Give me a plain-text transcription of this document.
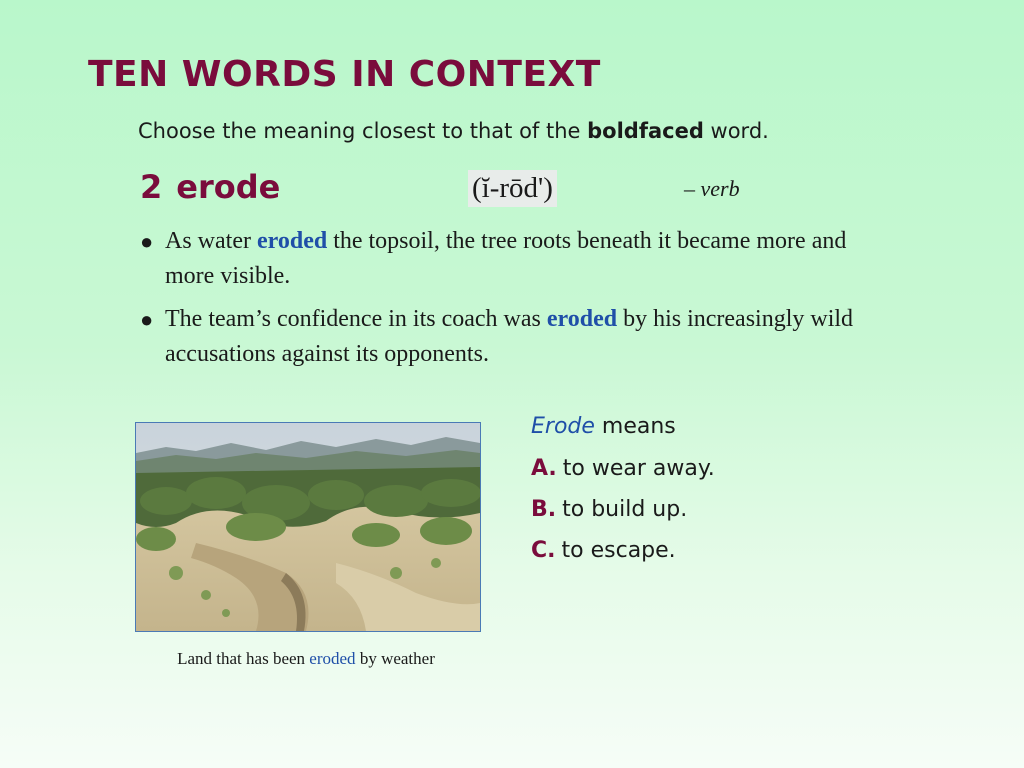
TEN WORDS IN CONTEXT
Choose the meaning closest to that of the boldfaced word.
2 erode	(ĭ-rōd')	– verb
● As water eroded the topsoil, the tree roots beneath it became more and more visible.
● The team’s confidence in its coach was eroded by his increasingly wild accusations against its opponents.
Land that has been eroded by weather
Erode means
A. to wear away.
B. to build up.
C. to escape.
